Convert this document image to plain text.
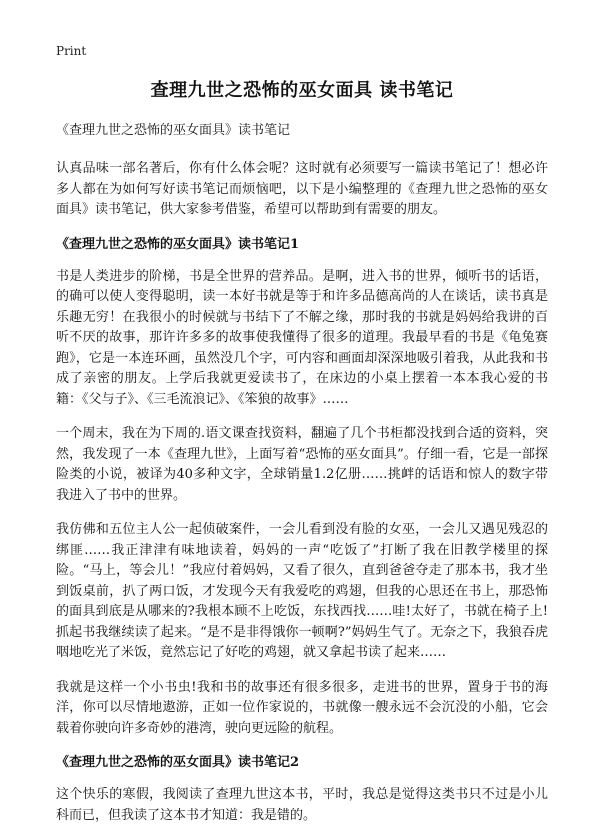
Print
查理九世之恐怖的巫女面具 读书笔记
《查理九世之恐怖的巫女面具》读书笔记

认真品味一部名著后，你有什么体会呢？这时就有必须要写一篇读书笔记了！想必许多人都在为如何写好读书笔记而烦恼吧，以下是小编整理的《查理九世之恐怖的巫女面具》读书笔记，供大家参考借鉴，希望可以帮助到有需要的朋友。

《查理九世之恐怖的巫女面具》读书笔记1

书是人类进步的阶梯，书是全世界的营养品。是啊，进入书的世界，倾听书的话语，的确可以使人变得聪明，读一本好书就是等于和许多品德高尚的人在谈话，读书真是乐趣无穷！在我很小的时候就与书结下了不解之缘，那时我的书就是妈妈给我讲的百听不厌的故事，那许许多多的故事使我懂得了很多的道理。我最早看的书是《龟兔赛跑》，它是一本连环画，虽然没几个字，可内容和画面却深深地吸引着我，从此我和书成了亲密的朋友。上学后我就更爱读书了，在床边的小桌上摆着一本本我心爱的书籍：《父与子》、《三毛流浪记》、《笨狼的故事》……

一个周末，我在为下周的.语文课查找资料，翻遍了几个书柜都没找到合适的资料，突然，我发现了一本《查理九世》，上面写着“恐怖的巫女面具”。仔细一看，它是一部探险类的小说，被译为40多种文字，全球销量1.2亿册……挑衅的话语和惊人的数字带我进入了书中的世界。

我仿佛和五位主人公一起侦破案件，一会儿看到没有脸的女巫，一会儿又遇见残忍的绑匪……我正津津有味地读着，妈妈的一声“吃饭了”打断了我在旧教学楼里的探险。“马上，等会儿！”我应付着妈妈，又看了很久，直到爸爸夺走了那本书，我才坐到饭桌前，扒了两口饭，才发现今天有我爱吃的鸡翅，但我的心思还在书上，那恐怖的面具到底是从哪来的?我根本顾不上吃饭，东找西找……哇!太好了，书就在椅子上!抓起书我继续读了起来。“是不是非得饿你一顿啊?”妈妈生气了。无奈之下，我狼吞虎咽地吃光了米饭，竟然忘记了好吃的鸡翅，就又拿起书读了起来……

我就是这样一个小书虫!我和书的故事还有很多很多，走进书的世界，置身于书的海洋，你可以尽情地遨游，正如一位作家说的，书就像一艘永远不会沉没的小船，它会载着你驶向许多奇妙的港湾，驶向更远险的航程。

《查理九世之恐怖的巫女面具》读书笔记2

这个快乐的寒假，我阅读了查理九世这本书，平时，我总是觉得这类书只不过是小儿科而已，但我读了这本书才知道：我是错的。
